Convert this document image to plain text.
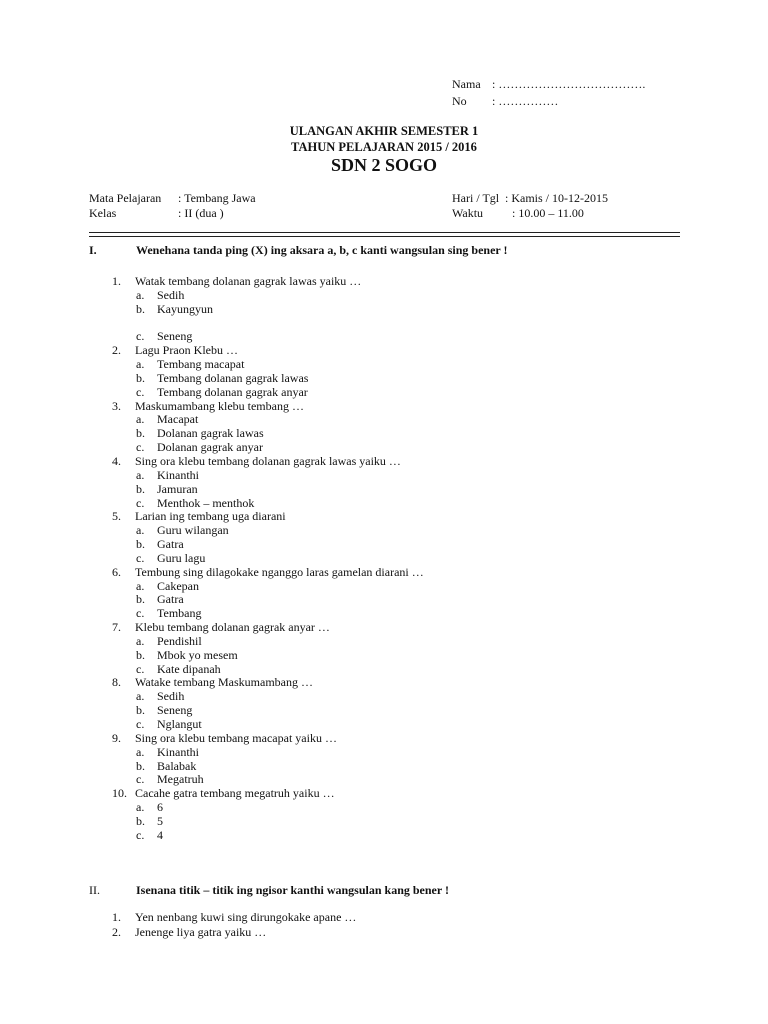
Nama : ……………………………….
No : ……………
ULANGAN AKHIR SEMESTER 1
TAHUN PELAJARAN 2015 / 2016
SDN 2 SOGO
Mata Pelajaran : Tembang Jawa
Kelas	: II (dua )
Hari / Tgl : Kamis / 10-12-2015
Waktu : 10.00 – 11.00
I.	Wenehana tanda ping (X) ing aksara a, b, c kanti wangsulan sing bener !
1. Watak tembang dolanan gagrak lawas yaiku …
a. Sedih
b. Kayungyun
c. Seneng
2. Lagu Praon Klebu …
a. Tembang macapat
b. Tembang dolanan gagrak lawas
c. Tembang dolanan gagrak anyar
3. Maskumambang klebu tembang …
a. Macapat
b. Dolanan gagrak lawas
c. Dolanan gagrak anyar
4. Sing ora klebu tembang dolanan gagrak lawas yaiku …
a. Kinanthi
b. Jamuran
c. Menthok – menthok
5. Larian ing tembang uga diarani
a. Guru wilangan
b. Gatra
c. Guru lagu
6. Tembung sing dilagokake nganggo laras gamelan diarani …
a. Cakepan
b. Gatra
c. Tembang
7. Klebu tembang dolanan gagrak anyar …
a. Pendishil
b. Mbok yo mesem
c. Kate dipanah
8. Watake tembang Maskumambang …
a. Sedih
b. Seneng
c. Nglangut
9. Sing ora klebu tembang macapat yaiku …
a. Kinanthi
b. Balabak
c. Megatruh
10. Cacahe gatra tembang megatruh yaiku …
a. 6
b. 5
c. 4
II.	Isenana titik – titik ing ngisor kanthi wangsulan kang bener !
1. Yen nenbang kuwi sing dirungokake apane …
2. Jenenge liya gatra yaiku …
